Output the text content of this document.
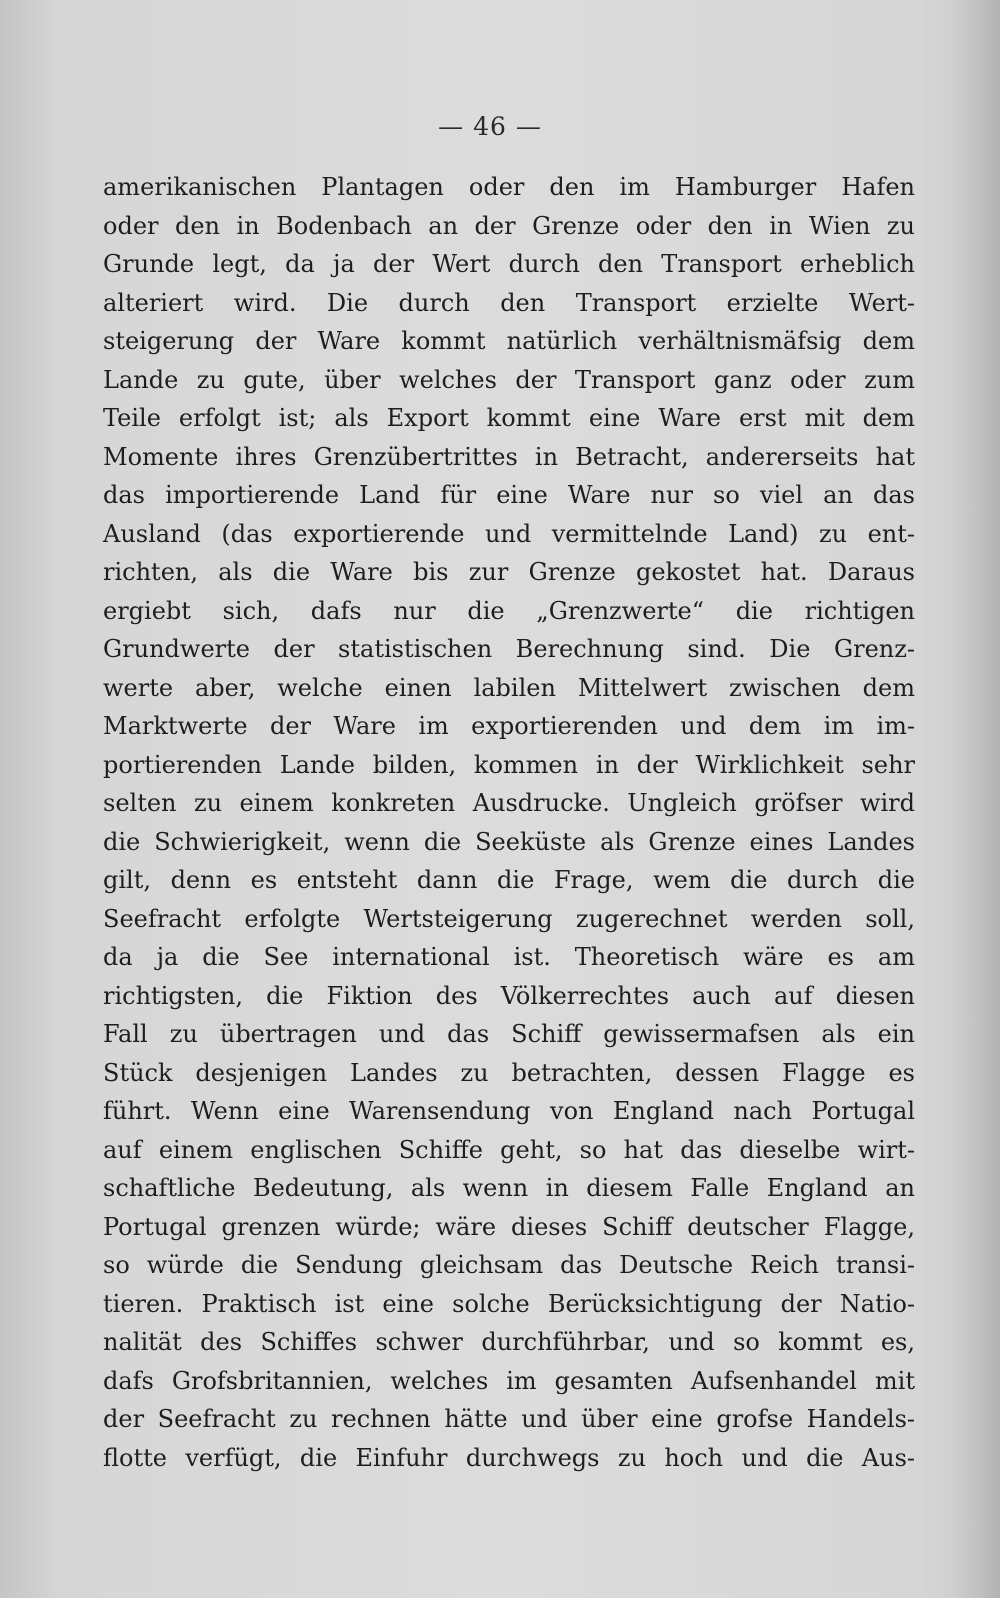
— 46 —
amerikanischen Plantagen oder den im Hamburger Hafen
oder den in Bodenbach an der Grenze oder den in Wien zu
Grunde legt, da ja der Wert durch den Transport erheblich
alteriert wird. Die durch den Transport erzielte Wert-
steigerung der Ware kommt natürlich verhältnismäfsig dem
Lande zu gute, über welches der Transport ganz oder zum
Teile erfolgt ist; als Export kommt eine Ware erst mit dem
Momente ihres Grenzübertrittes in Betracht, andererseits hat
das importierende Land für eine Ware nur so viel an das
Ausland (das exportierende und vermittelnde Land) zu ent-
richten, als die Ware bis zur Grenze gekostet hat. Daraus
ergiebt sich, dafs nur die „Grenzwerte“ die richtigen
Grundwerte der statistischen Berechnung sind. Die Grenz-
werte aber, welche einen labilen Mittelwert zwischen dem
Marktwerte der Ware im exportierenden und dem im im-
portierenden Lande bilden, kommen in der Wirklichkeit sehr
selten zu einem konkreten Ausdrucke. Ungleich gröfser wird
die Schwierigkeit, wenn die Seeküste als Grenze eines Landes
gilt, denn es entsteht dann die Frage, wem die durch die
Seefracht erfolgte Wertsteigerung zugerechnet werden soll,
da ja die See international ist. Theoretisch wäre es am
richtigsten, die Fiktion des Völkerrechtes auch auf diesen
Fall zu übertragen und das Schiff gewissermafsen als ein
Stück desjenigen Landes zu betrachten, dessen Flagge es
führt. Wenn eine Warensendung von England nach Portugal
auf einem englischen Schiffe geht, so hat das dieselbe wirt-
schaftliche Bedeutung, als wenn in diesem Falle England an
Portugal grenzen würde; wäre dieses Schiff deutscher Flagge,
so würde die Sendung gleichsam das Deutsche Reich transi-
tieren. Praktisch ist eine solche Berücksichtigung der Natio-
nalität des Schiffes schwer durchführbar, und so kommt es,
dafs Grofsbritannien, welches im gesamten Aufsenhandel mit
der Seefracht zu rechnen hätte und über eine grofse Handels-
flotte verfügt, die Einfuhr durchwegs zu hoch und die Aus-
